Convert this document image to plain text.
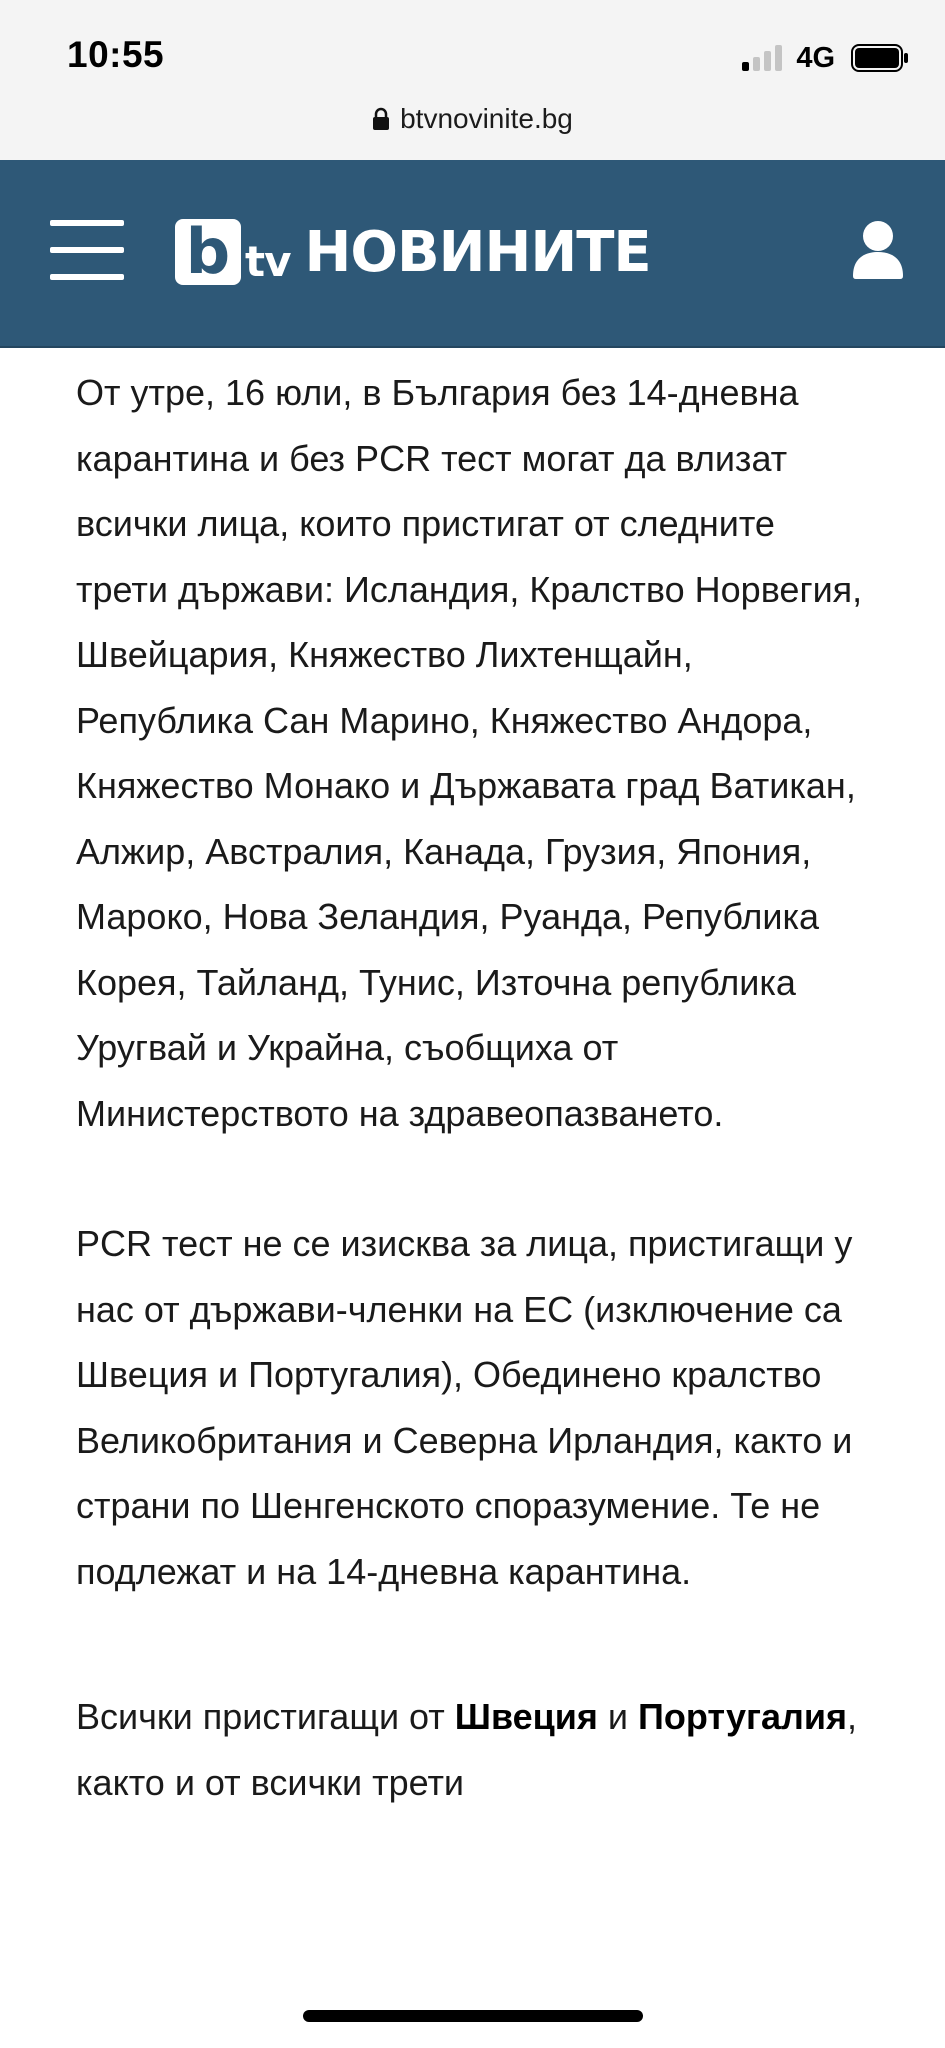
10:55	4G
btvnovinite.bg
b tv НОВИНИТЕ

От утре, 16 юли, в България без 14-дневна карантина и без PCR тест могат да влизат всички лица, които пристигат от следните трети държави: Исландия, Кралство Норвегия, Швейцария, Княжество Лихтенщайн, Република Сан Марино, Княжество Андора, Княжество Монако и Държавата град Ватикан, Алжир, Австралия, Канада, Грузия, Япония, Мароко, Нова Зеландия, Руанда, Република Корея, Тайланд, Тунис, Източна република Уругвай и Украйна, съобщиха от Министерството на здравеопазването.

PCR тест не се изисква за лица, пристигащи у нас от държави-членки на ЕС (изключение са Швеция и Португалия), Обединено кралство Великобритания и Северна Ирландия, както и страни по Шенгенското споразумение. Те не подлежат и на 14-дневна карантина.

Всички пристигащи от Швеция и Португалия, както и от всички трети
